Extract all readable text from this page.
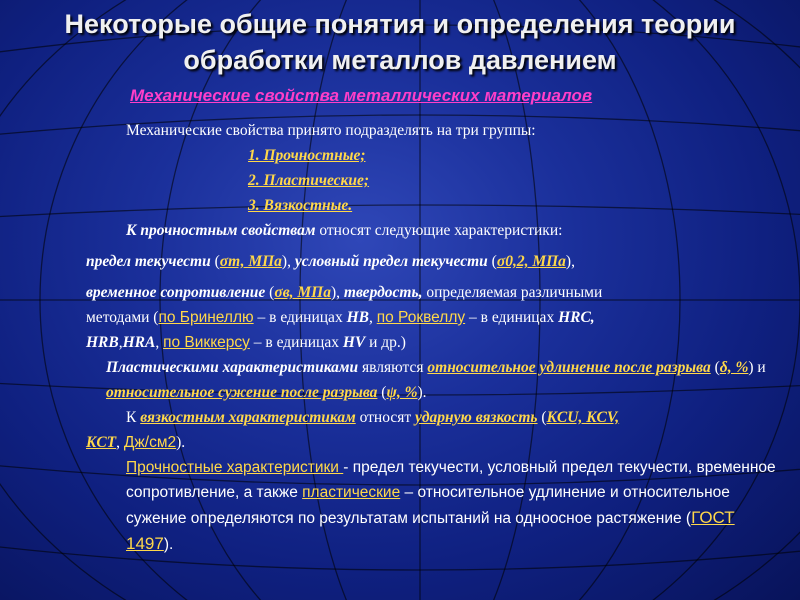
Некоторые общие понятия и определения теории
обработки металлов давлением
Механические свойства металлических материалов

Механические свойства принято подразделять на три группы:

1. Прочностные;

2. Пластические;

3. Вязкостные.

К прочностным свойствам относят следующие характеристики:

предел текучести (σт, МПа), условный предел текучести (σ0,2, МПа),

временное сопротивление (σв, МПа), твердость, определяемая различными

методами (по Бринеллю – в единицах HB, по Роквеллу – в единицах HRC,

HRB,HRA, по Виккерсу – в единицах HV и др.)

Пластическими характеристиками являются относительное удлинение после разрыва (δ, %) и относительное сужение после разрыва (ψ, %).

К вязкостным характеристикам относят ударную вязкость (KCU, KCV,

KCT, Дж/см2).

Прочностные характеристики - предел текучести, условный предел текучести, временное сопротивление, а также пластические – относительное удлинение и относительное сужение определяются по результатам испытаний на одноосное растяжение (ГОСТ 1497).
